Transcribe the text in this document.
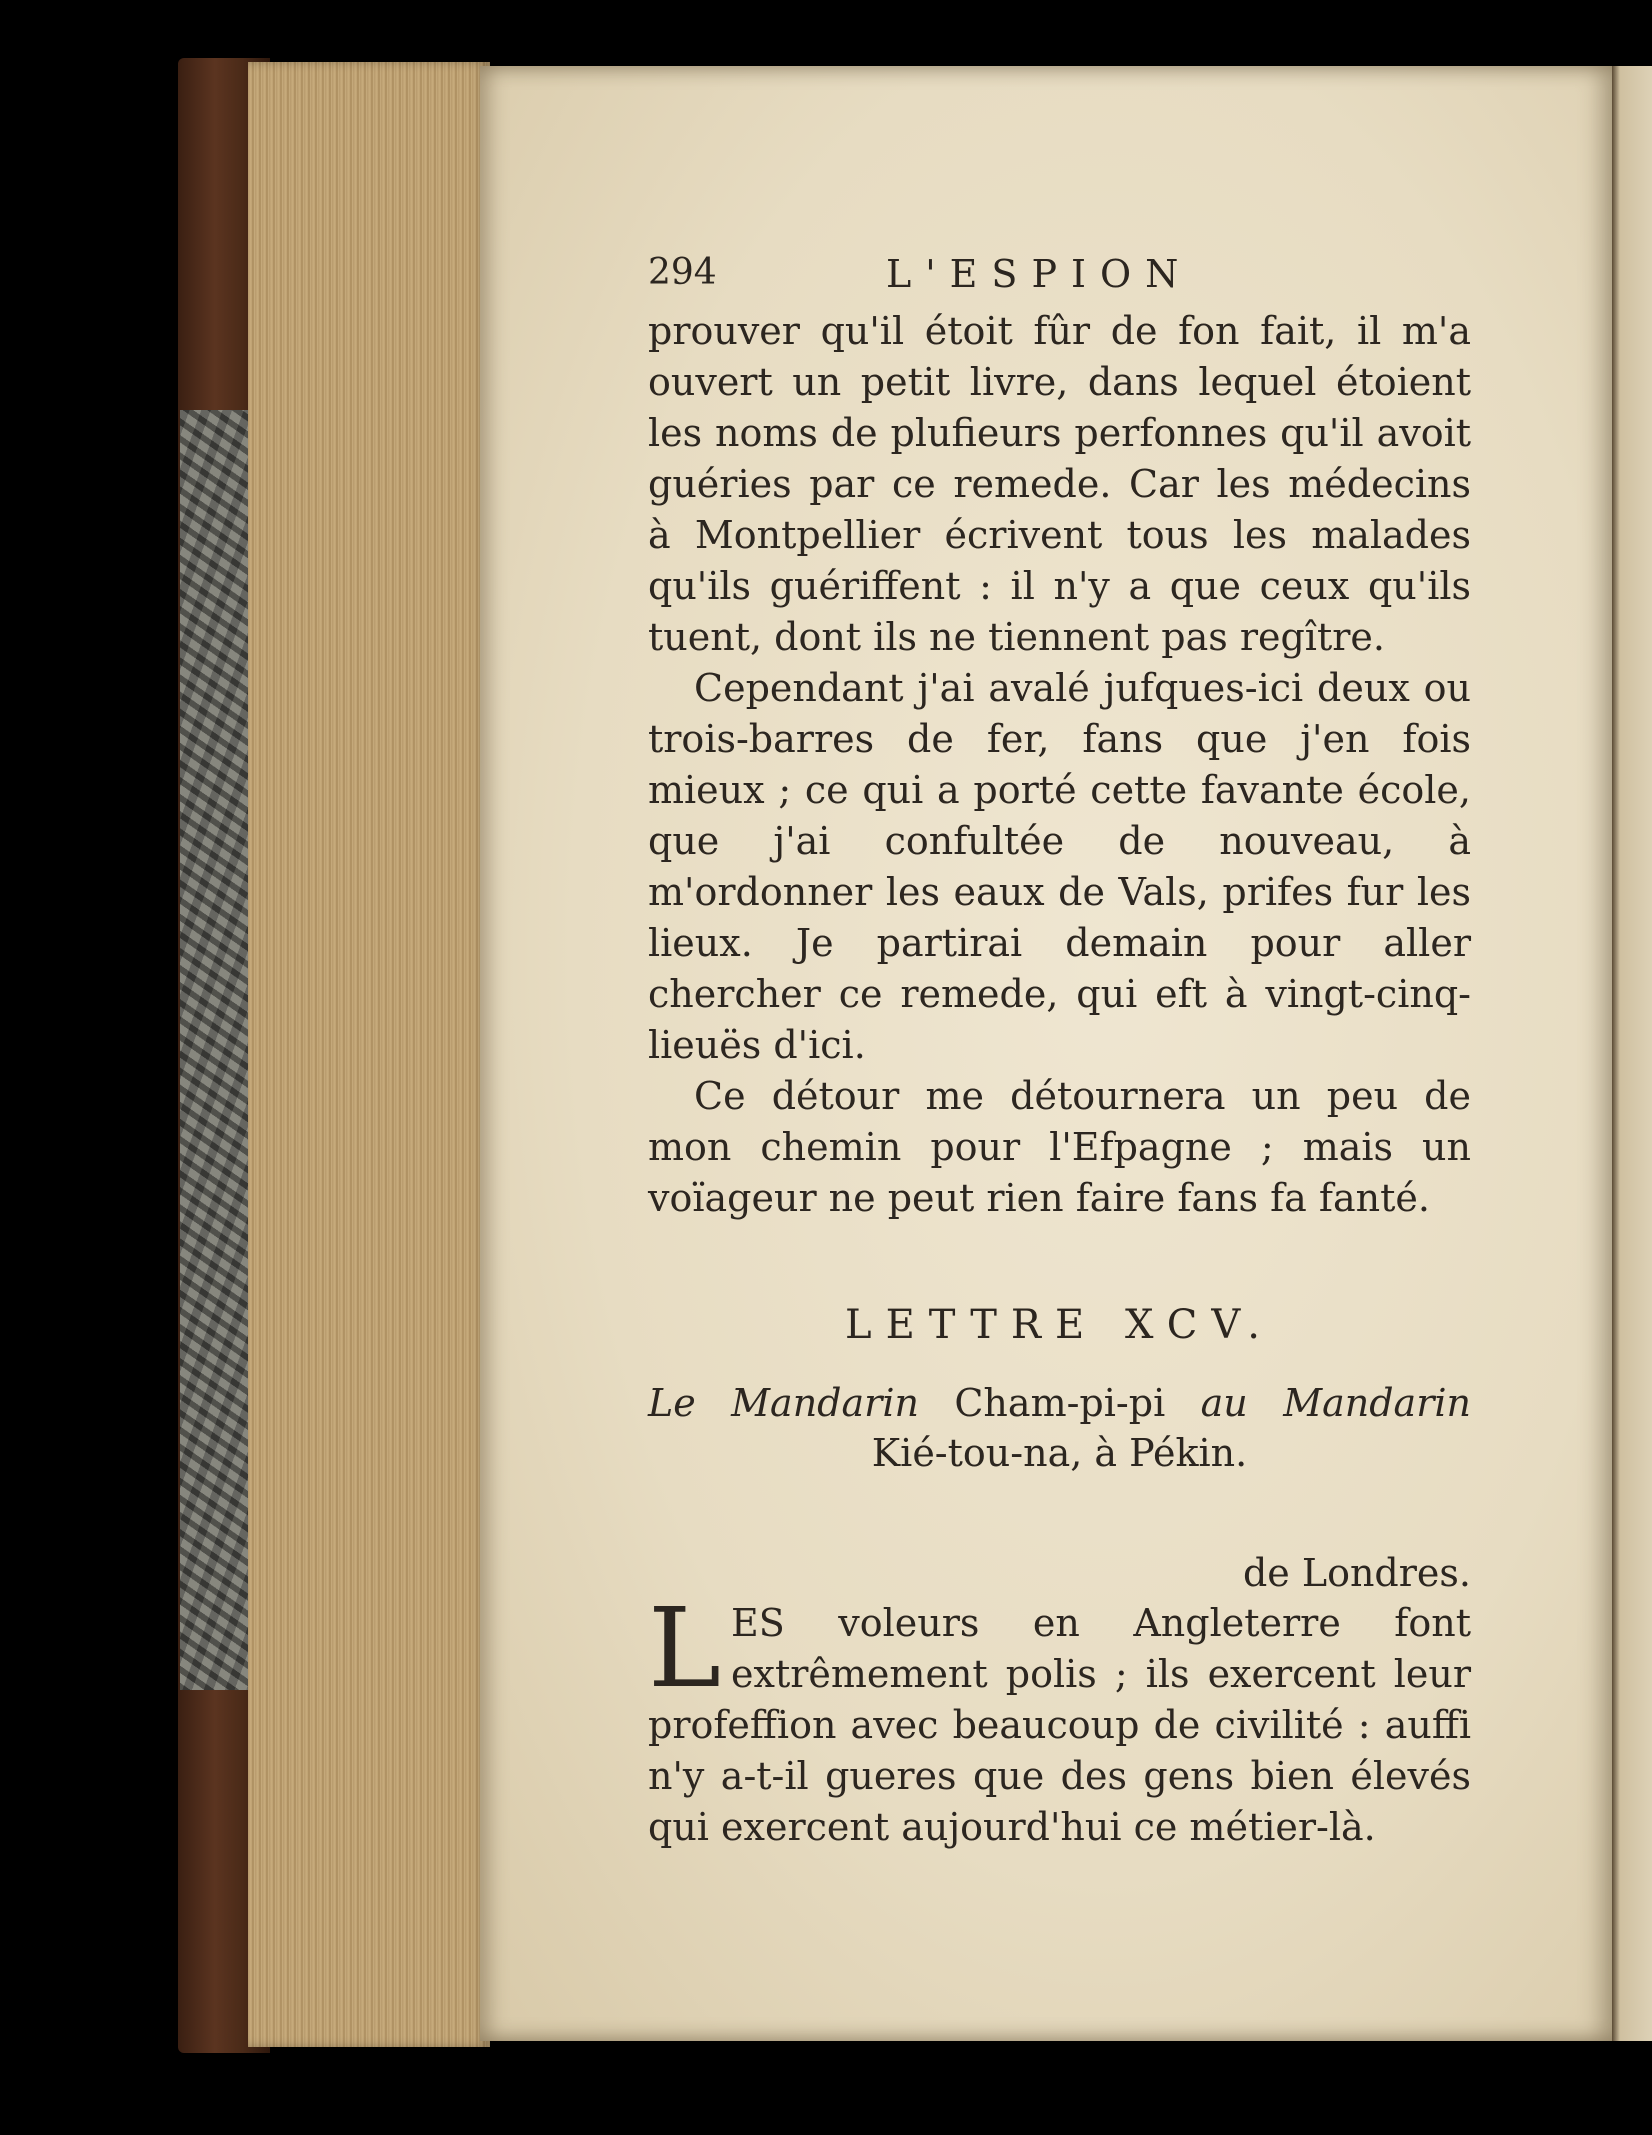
294	L'ESPION

prouver qu'il étoit fûr de fon fait, il m'a ouvert un petit livre, dans lequel étoient les noms de plufieurs perfonnes qu'il avoit guéries par ce remede. Car les médecins à Montpellier écrivent tous les malades qu'ils guériffent : il n'y a que ceux qu'ils tuent, dont ils ne tiennent pas regître.

Cependant j'ai avalé jufques-ici deux ou trois-barres de fer, fans que j'en fois mieux ; ce qui a porté cette favante école, que j'ai confultée de nouveau, à m'ordonner les eaux de Vals, prifes fur les lieux. Je partirai demain pour aller chercher ce remede, qui eft à vingt-cinq-lieuës d'ici.

Ce détour me détournera un peu de mon chemin pour l'Efpagne ; mais un voïageur ne peut rien faire fans fa fanté.

LETTRE XCV.
Le Mandarin Cham-pi-pi au Mandarin
Kié-tou-na, à Pékin.
de Londres.

L ES voleurs en Angleterre font extrêmement polis ; ils exercent leur profeffion avec beaucoup de civilité : auffi n'y a-t-il gueres que des gens bien élevés qui exercent aujourd'hui ce métier-là.
